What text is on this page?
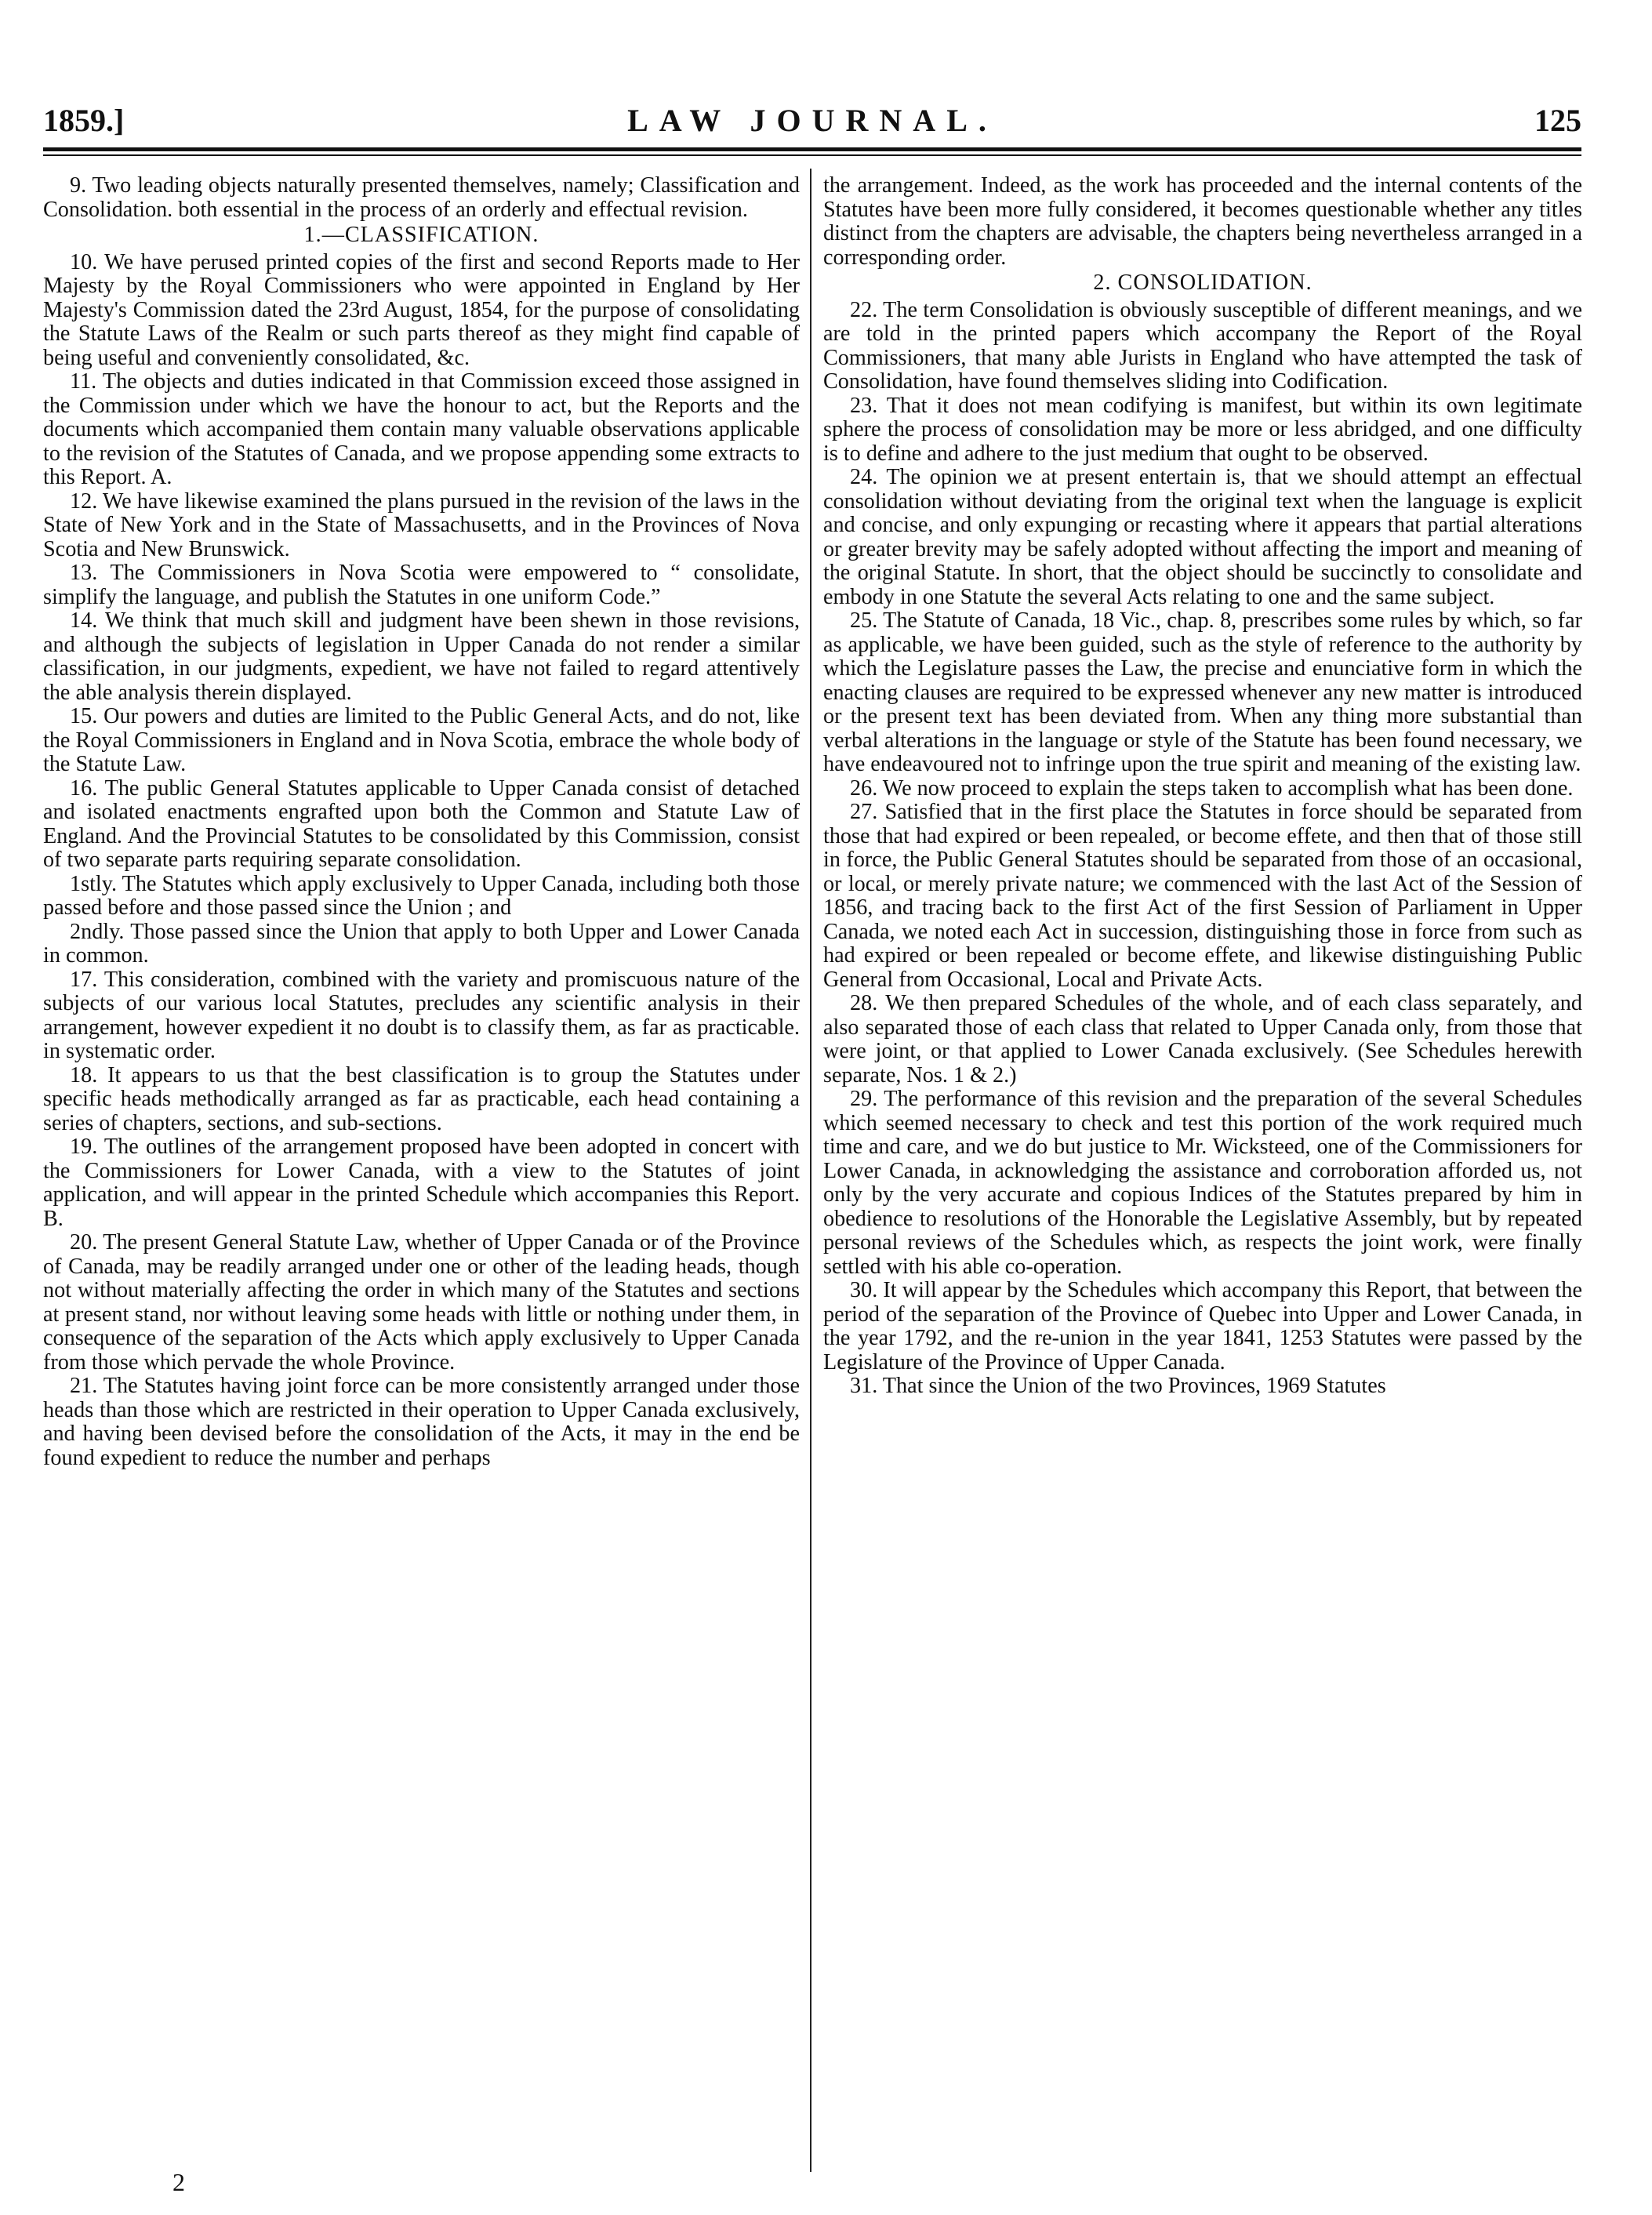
1859.]	LAW JOURNAL.	125

9. Two leading objects naturally presented themselves, namely; Classification and Consolidation. both essential in the process of an orderly and effectual revision.

1.—CLASSIFICATION.

10. We have perused printed copies of the first and second Reports made to Her Majesty by the Royal Commissioners who were appointed in England by Her Majesty's Commission dated the 23rd August, 1854, for the purpose of consolidating the Statute Laws of the Realm or such parts thereof as they might find capable of being useful and conveniently consolidated, &c.

11. The objects and duties indicated in that Commission exceed those assigned in the Commission under which we have the honour to act, but the Reports and the documents which accompanied them contain many valuable observations applicable to the revision of the Statutes of Canada, and we propose appending some extracts to this Report. A.

12. We have likewise examined the plans pursued in the revision of the laws in the State of New York and in the State of Massachusetts, and in the Provinces of Nova Scotia and New Brunswick.

13. The Commissioners in Nova Scotia were empowered to “ consolidate, simplify the language, and publish the Statutes in one uniform Code.”

14. We think that much skill and judgment have been shewn in those revisions, and although the subjects of legislation in Upper Canada do not render a similar classification, in our judgments, expedient, we have not failed to regard attentively the able analysis therein displayed.

15. Our powers and duties are limited to the Public General Acts, and do not, like the Royal Commissioners in England and in Nova Scotia, embrace the whole body of the Statute Law.

16. The public General Statutes applicable to Upper Canada consist of detached and isolated enactments engrafted upon both the Common and Statute Law of England. And the Provincial Statutes to be consolidated by this Commission, consist of two separate parts requiring separate consolidation.

1stly. The Statutes which apply exclusively to Upper Canada, including both those passed before and those passed since the Union ; and

2ndly. Those passed since the Union that apply to both Upper and Lower Canada in common.

17. This consideration, combined with the variety and promiscuous nature of the subjects of our various local Statutes, precludes any scientific analysis in their arrangement, however expedient it no doubt is to classify them, as far as practicable. in systematic order.

18. It appears to us that the best classification is to group the Statutes under specific heads methodically arranged as far as practicable, each head containing a series of chapters, sections, and sub-sections.

19. The outlines of the arrangement proposed have been adopted in concert with the Commissioners for Lower Canada, with a view to the Statutes of joint application, and will appear in the printed Schedule which accompanies this Report. B.

20. The present General Statute Law, whether of Upper Canada or of the Province of Canada, may be readily arranged under one or other of the leading heads, though not without materially affecting the order in which many of the Statutes and sections at present stand, nor without leaving some heads with little or nothing under them, in consequence of the separation of the Acts which apply exclusively to Upper Canada from those which pervade the whole Province.

21. The Statutes having joint force can be more consistently arranged under those heads than those which are restricted in their operation to Upper Canada exclusively, and having been devised before the consolidation of the Acts, it may in the end be found expedient to reduce the number and perhaps

the arrangement. Indeed, as the work has proceeded and the internal contents of the Statutes have been more fully considered, it becomes questionable whether any titles distinct from the chapters are advisable, the chapters being nevertheless arranged in a corresponding order.

2. CONSOLIDATION.

22. The term Consolidation is obviously susceptible of different meanings, and we are told in the printed papers which accompany the Report of the Royal Commissioners, that many able Jurists in England who have attempted the task of Consolidation, have found themselves sliding into Codification.

23. That it does not mean codifying is manifest, but within its own legitimate sphere the process of consolidation may be more or less abridged, and one difficulty is to define and adhere to the just medium that ought to be observed.

24. The opinion we at present entertain is, that we should attempt an effectual consolidation without deviating from the original text when the language is explicit and concise, and only expunging or recasting where it appears that partial alterations or greater brevity may be safely adopted without affecting the import and meaning of the original Statute. In short, that the object should be succinctly to consolidate and embody in one Statute the several Acts relating to one and the same subject.

25. The Statute of Canada, 18 Vic., chap. 8, prescribes some rules by which, so far as applicable, we have been guided, such as the style of reference to the authority by which the Legislature passes the Law, the precise and enunciative form in which the enacting clauses are required to be expressed whenever any new matter is introduced or the present text has been deviated from. When any thing more substantial than verbal alterations in the language or style of the Statute has been found necessary, we have endeavoured not to infringe upon the true spirit and meaning of the existing law.

26. We now proceed to explain the steps taken to accomplish what has been done.

27. Satisfied that in the first place the Statutes in force should be separated from those that had expired or been repealed, or become effete, and then that of those still in force, the Public General Statutes should be separated from those of an occasional, or local, or merely private nature; we commenced with the last Act of the Session of 1856, and tracing back to the first Act of the first Session of Parliament in Upper Canada, we noted each Act in succession, distinguishing those in force from such as had expired or been repealed or become effete, and likewise distinguishing Public General from Occasional, Local and Private Acts.

28. We then prepared Schedules of the whole, and of each class separately, and also separated those of each class that related to Upper Canada only, from those that were joint, or that applied to Lower Canada exclusively. (See Schedules herewith separate, Nos. 1 & 2.)

29. The performance of this revision and the preparation of the several Schedules which seemed necessary to check and test this portion of the work required much time and care, and we do but justice to Mr. Wicksteed, one of the Commissioners for Lower Canada, in acknowledging the assistance and corroboration afforded us, not only by the very accurate and copious Indices of the Statutes prepared by him in obedience to resolutions of the Honorable the Legislative Assembly, but by repeated personal reviews of the Schedules which, as respects the joint work, were finally settled with his able co-operation.

30. It will appear by the Schedules which accompany this Report, that between the period of the separation of the Province of Quebec into Upper and Lower Canada, in the year 1792, and the re-union in the year 1841, 1253 Statutes were passed by the Legislature of the Province of Upper Canada.

31. That since the Union of the two Provinces, 1969 Statutes

2
